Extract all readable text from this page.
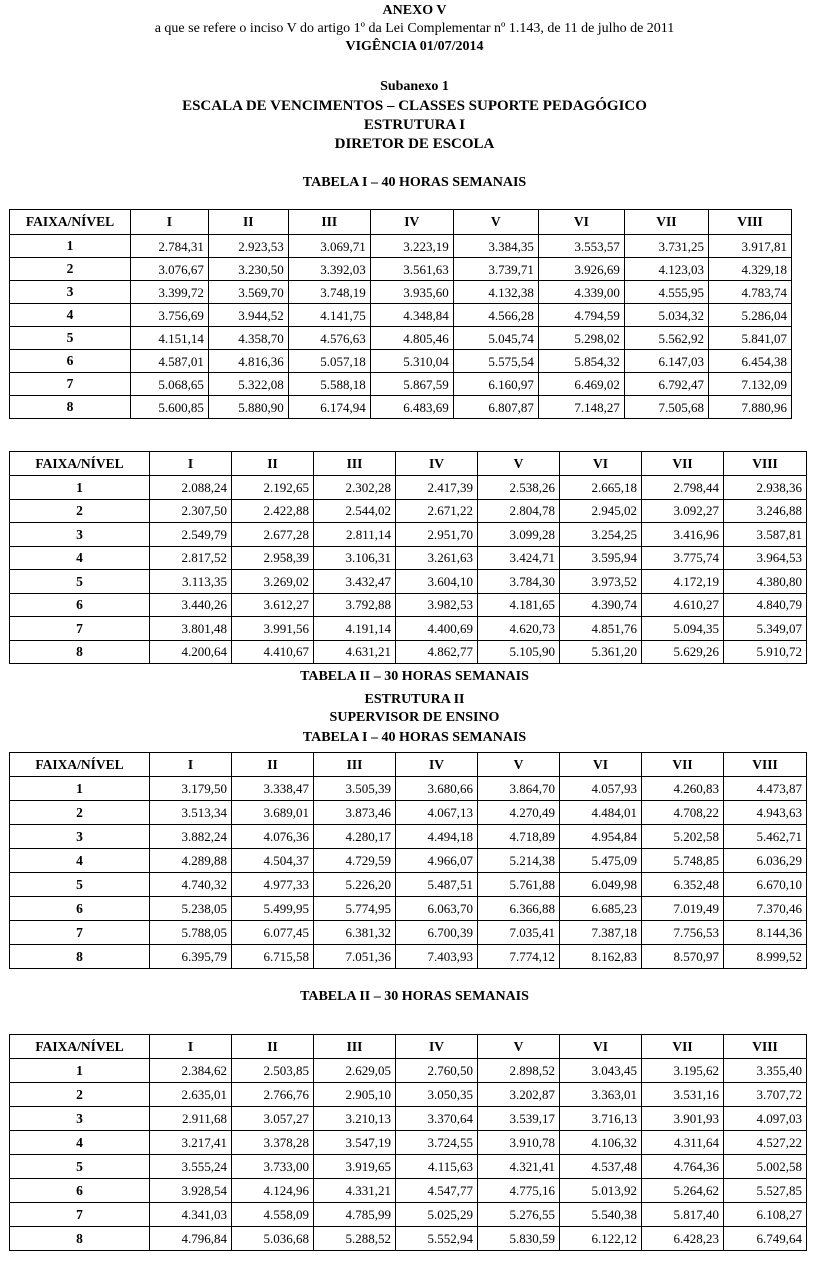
ANEXO V
a que se refere o inciso V do artigo 1º da Lei Complementar nº 1.143, de 11 de julho de 2011
VIGÊNCIA 01/07/2014
Subanexo 1
ESCALA DE VENCIMENTOS – CLASSES SUPORTE PEDAGÓGICO
ESTRUTURA I
DIRETOR DE ESCOLA
TABELA I – 40 HORAS SEMANAIS
FAIXA/NÍVEL	I	II	III	IV	V	VI	VII	VIII
1	2.784,31	2.923,53	3.069,71	3.223,19	3.384,35	3.553,57	3.731,25	3.917,81
2	3.076,67	3.230,50	3.392,03	3.561,63	3.739,71	3.926,69	4.123,03	4.329,18
3	3.399,72	3.569,70	3.748,19	3.935,60	4.132,38	4.339,00	4.555,95	4.783,74
4	3.756,69	3.944,52	4.141,75	4.348,84	4.566,28	4.794,59	5.034,32	5.286,04
5	4.151,14	4.358,70	4.576,63	4.805,46	5.045,74	5.298,02	5.562,92	5.841,07
6	4.587,01	4.816,36	5.057,18	5.310,04	5.575,54	5.854,32	6.147,03	6.454,38
7	5.068,65	5.322,08	5.588,18	5.867,59	6.160,97	6.469,02	6.792,47	7.132,09
8	5.600,85	5.880,90	6.174,94	6.483,69	6.807,87	7.148,27	7.505,68	7.880,96
FAIXA/NÍVEL	I	II	III	IV	V	VI	VII	VIII
1	2.088,24	2.192,65	2.302,28	2.417,39	2.538,26	2.665,18	2.798,44	2.938,36
2	2.307,50	2.422,88	2.544,02	2.671,22	2.804,78	2.945,02	3.092,27	3.246,88
3	2.549,79	2.677,28	2.811,14	2.951,70	3.099,28	3.254,25	3.416,96	3.587,81
4	2.817,52	2.958,39	3.106,31	3.261,63	3.424,71	3.595,94	3.775,74	3.964,53
5	3.113,35	3.269,02	3.432,47	3.604,10	3.784,30	3.973,52	4.172,19	4.380,80
6	3.440,26	3.612,27	3.792,88	3.982,53	4.181,65	4.390,74	4.610,27	4.840,79
7	3.801,48	3.991,56	4.191,14	4.400,69	4.620,73	4.851,76	5.094,35	5.349,07
8	4.200,64	4.410,67	4.631,21	4.862,77	5.105,90	5.361,20	5.629,26	5.910,72
TABELA II – 30 HORAS SEMANAIS
ESTRUTURA II
SUPERVISOR DE ENSINO
TABELA I – 40 HORAS SEMANAIS
FAIXA/NÍVEL	I	II	III	IV	V	VI	VII	VIII
1	3.179,50	3.338,47	3.505,39	3.680,66	3.864,70	4.057,93	4.260,83	4.473,87
2	3.513,34	3.689,01	3.873,46	4.067,13	4.270,49	4.484,01	4.708,22	4.943,63
3	3.882,24	4.076,36	4.280,17	4.494,18	4.718,89	4.954,84	5.202,58	5.462,71
4	4.289,88	4.504,37	4.729,59	4.966,07	5.214,38	5.475,09	5.748,85	6.036,29
5	4.740,32	4.977,33	5.226,20	5.487,51	5.761,88	6.049,98	6.352,48	6.670,10
6	5.238,05	5.499,95	5.774,95	6.063,70	6.366,88	6.685,23	7.019,49	7.370,46
7	5.788,05	6.077,45	6.381,32	6.700,39	7.035,41	7.387,18	7.756,53	8.144,36
8	6.395,79	6.715,58	7.051,36	7.403,93	7.774,12	8.162,83	8.570,97	8.999,52
TABELA II – 30 HORAS SEMANAIS
FAIXA/NÍVEL	I	II	III	IV	V	VI	VII	VIII
1	2.384,62	2.503,85	2.629,05	2.760,50	2.898,52	3.043,45	3.195,62	3.355,40
2	2.635,01	2.766,76	2.905,10	3.050,35	3.202,87	3.363,01	3.531,16	3.707,72
3	2.911,68	3.057,27	3.210,13	3.370,64	3.539,17	3.716,13	3.901,93	4.097,03
4	3.217,41	3.378,28	3.547,19	3.724,55	3.910,78	4.106,32	4.311,64	4.527,22
5	3.555,24	3.733,00	3.919,65	4.115,63	4.321,41	4.537,48	4.764,36	5.002,58
6	3.928,54	4.124,96	4.331,21	4.547,77	4.775,16	5.013,92	5.264,62	5.527,85
7	4.341,03	4.558,09	4.785,99	5.025,29	5.276,55	5.540,38	5.817,40	6.108,27
8	4.796,84	5.036,68	5.288,52	5.552,94	5.830,59	6.122,12	6.428,23	6.749,64
